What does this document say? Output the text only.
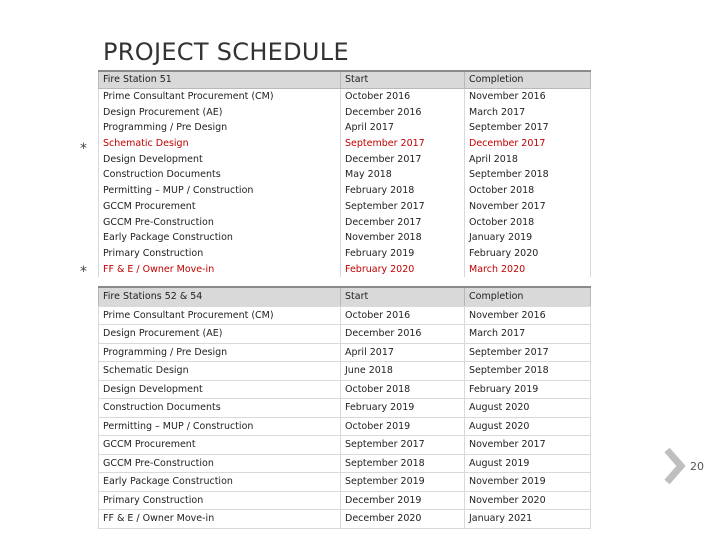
PROJECT SCHEDULE
*
*
Fire Station 51	Start	Completion
Prime Consultant Procurement (CM)	October 2016	November 2016
Design Procurement (AE)	December 2016	March 2017
Programming / Pre Design	April 2017	September 2017
Schematic Design	September 2017	December 2017
Design Development	December 2017	April 2018
Construction Documents	May 2018	September 2018
Permitting – MUP / Construction	February 2018	October 2018
GCCM Procurement	September 2017	November 2017
GCCM Pre-Construction	December 2017	October 2018
Early Package Construction	November 2018	January 2019
Primary Construction	February 2019	February 2020
FF & E / Owner Move-in	February 2020	March 2020
Fire Stations 52 & 54	Start	Completion
Prime Consultant Procurement (CM)	October 2016	November 2016
Design Procurement (AE)	December 2016	March 2017
Programming / Pre Design	April 2017	September 2017
Schematic Design	June 2018	September 2018
Design Development	October 2018	February 2019
Construction Documents	February 2019	August 2020
Permitting – MUP / Construction	October 2019	August 2020
GCCM Procurement	September 2017	November 2017
GCCM Pre-Construction	September 2018	August 2019
Early Package Construction	September 2019	November 2019
Primary Construction	December 2019	November 2020
FF & E / Owner Move-in	December 2020	January 2021
20
